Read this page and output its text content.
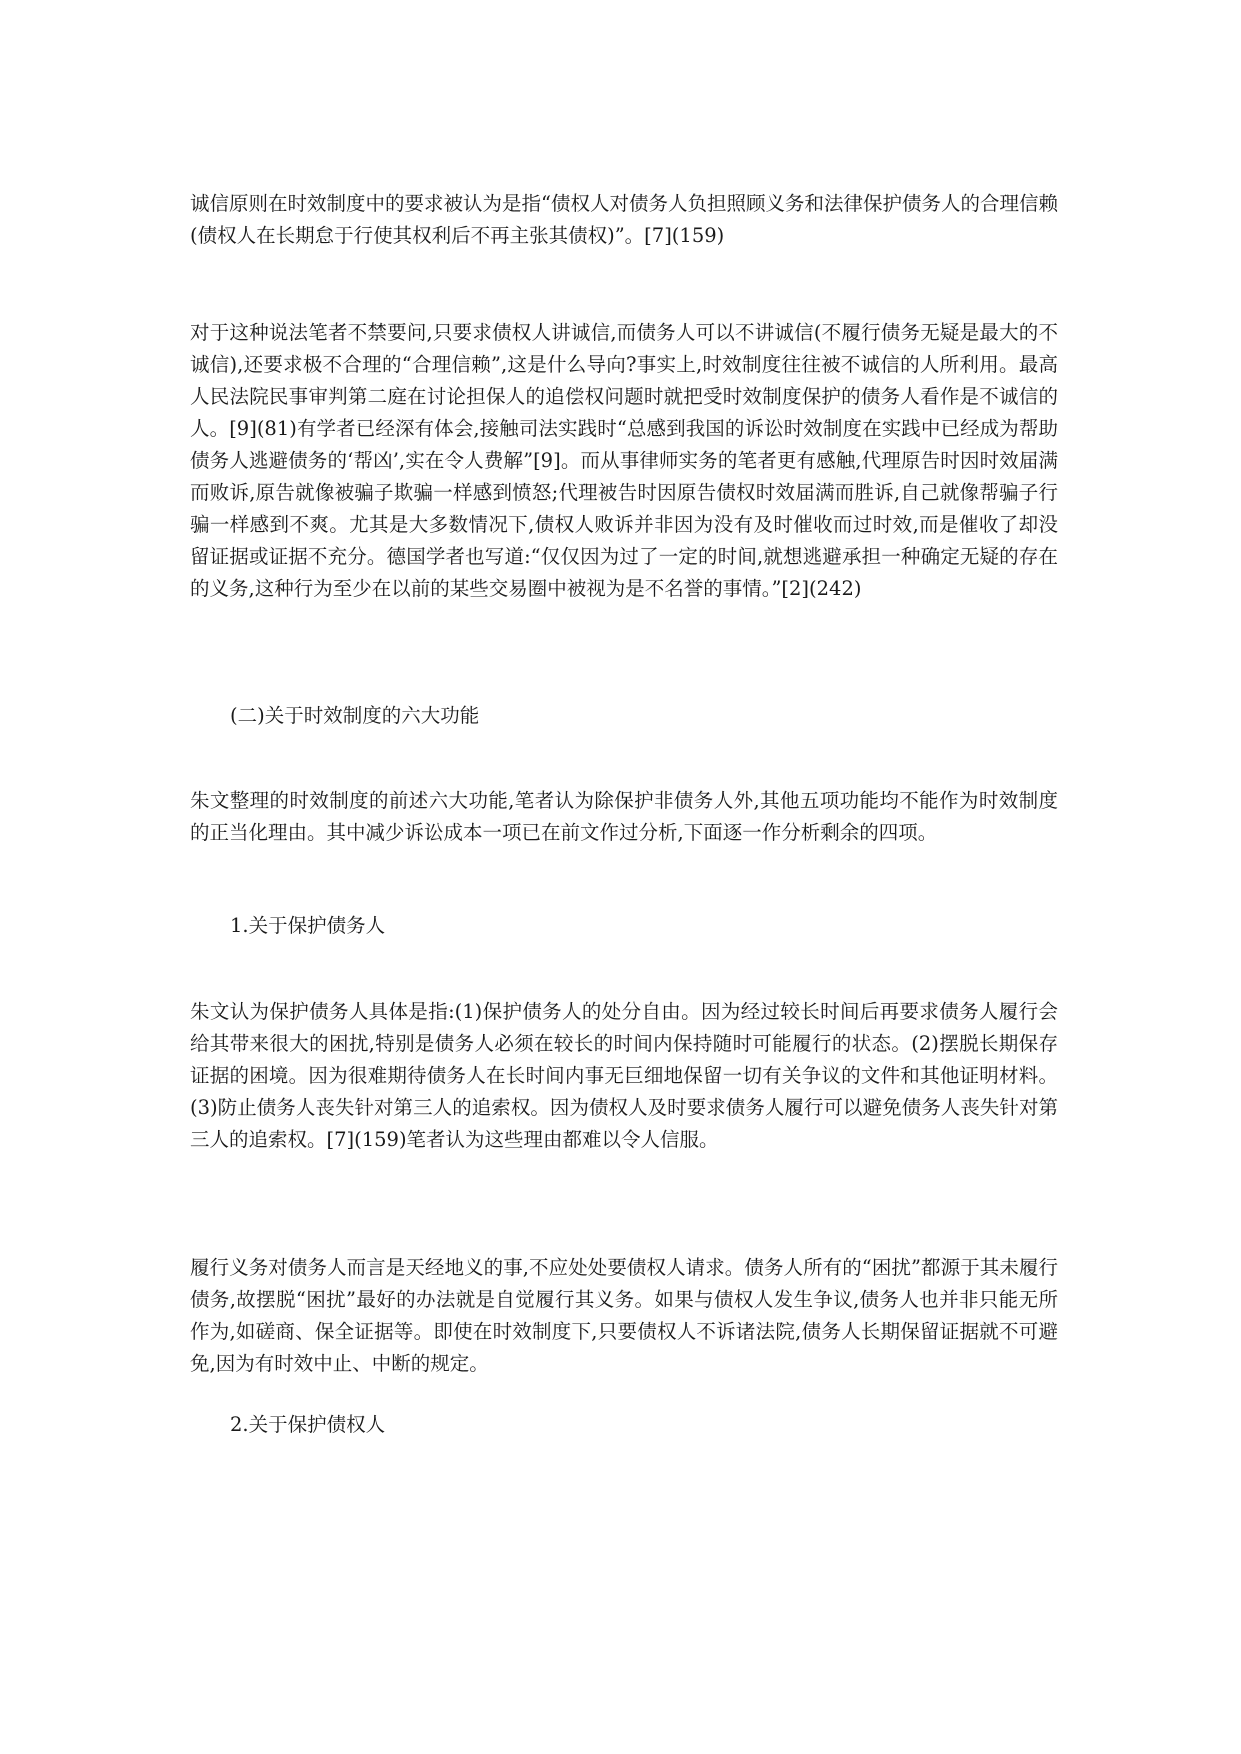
诚信原则在时效制度中的要求被认为是指“债权人对债务人负担照顾义务和法律保护债务人的合理信赖(债权人在长期怠于行使其权利后不再主张其债权)”。[7](159)

对于这种说法笔者不禁要问,只要求债权人讲诚信,而债务人可以不讲诚信(不履行债务无疑是最大的不诚信),还要求极不合理的“合理信赖”,这是什么导向?事实上,时效制度往往被不诚信的人所利用。最高人民法院民事审判第二庭在讨论担保人的追偿权问题时就把受时效制度保护的债务人看作是不诚信的人。[9](81)有学者已经深有体会,接触司法实践时“总感到我国的诉讼时效制度在实践中已经成为帮助债务人逃避债务的‘帮凶’,实在令人费解”[9]。而从事律师实务的笔者更有感触,代理原告时因时效届满而败诉,原告就像被骗子欺骗一样感到愤怒;代理被告时因原告债权时效届满而胜诉,自己就像帮骗子行骗一样感到不爽。尤其是大多数情况下,债权人败诉并非因为没有及时催收而过时效,而是催收了却没留证据或证据不充分。德国学者也写道:“仅仅因为过了一定的时间,就想逃避承担一种确定无疑的存在的义务,这种行为至少在以前的某些交易圈中被视为是不名誉的事情。”[2](242)

(二)关于时效制度的六大功能

朱文整理的时效制度的前述六大功能,笔者认为除保护非债务人外,其他五项功能均不能作为时效制度的正当化理由。其中减少诉讼成本一项已在前文作过分析,下面逐一作分析剩余的四项。

1.关于保护债务人

朱文认为保护债务人具体是指:(1)保护债务人的处分自由。因为经过较长时间后再要求债务人履行会给其带来很大的困扰,特别是债务人必须在较长的时间内保持随时可能履行的状态。(2)摆脱长期保存证据的困境。因为很难期待债务人在长时间内事无巨细地保留一切有关争议的文件和其他证明材料。(3)防止债务人丧失针对第三人的追索权。因为债权人及时要求债务人履行可以避免债务人丧失针对第三人的追索权。[7](159)笔者认为这些理由都难以令人信服。

履行义务对债务人而言是天经地义的事,不应处处要债权人请求。债务人所有的“困扰”都源于其未履行债务,故摆脱“困扰”最好的办法就是自觉履行其义务。如果与债权人发生争议,债务人也并非只能无所作为,如磋商、保全证据等。即使在时效制度下,只要债权人不诉诸法院,债务人长期保留证据就不可避免,因为有时效中止、中断的规定。

2.关于保护债权人
